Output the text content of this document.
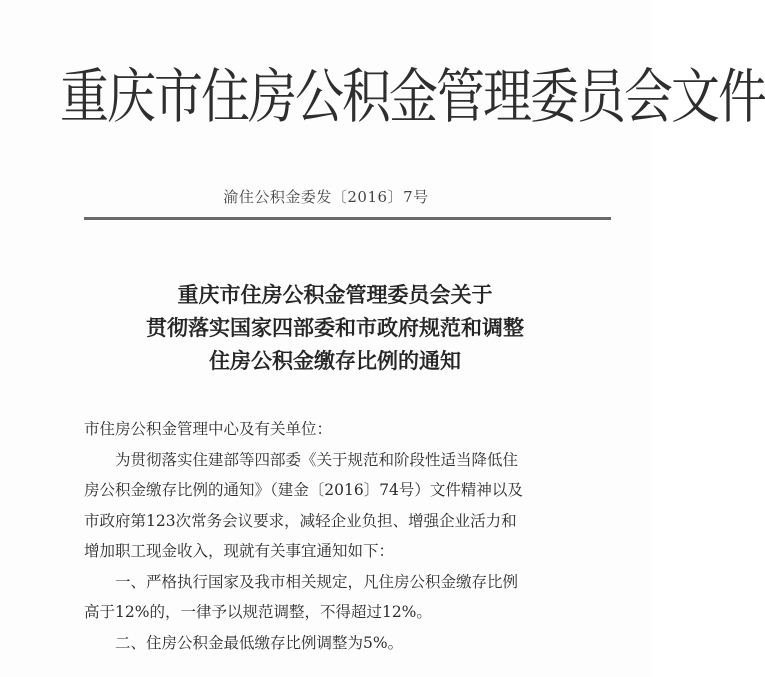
重庆市住房公积金管理委员会文件
渝住公积金委发〔2016〕7号
重庆市住房公积金管理委员会关于
贯彻落实国家四部委和市政府规范和调整
住房公积金缴存比例的通知

市住房公积金管理中心及有关单位：

为贯彻落实住建部等四部委《关于规范和阶段性适当降低住

房公积金缴存比例的通知》（建金〔2016〕74号）文件精神以及

市政府第123次常务会议要求，减轻企业负担、增强企业活力和

增加职工现金收入，现就有关事宜通知如下：

一、严格执行国家及我市相关规定，凡住房公积金缴存比例

高于12%的，一律予以规范调整，不得超过12%。

二、住房公积金最低缴存比例调整为5%。
